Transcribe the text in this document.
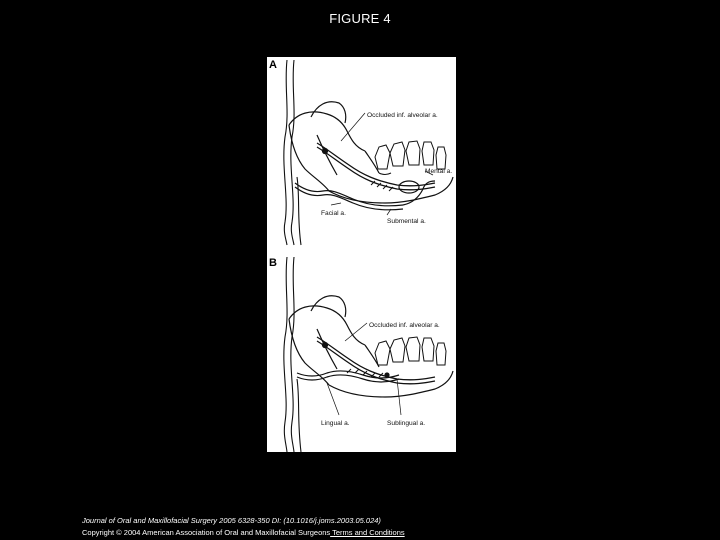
FIGURE 4
A
Occluded inf. alveolar a.
Mental a.
Facial a.
Submental a.
B
Occluded inf. alveolar a.
Lingual a.	Sublingual a.
Journal of Oral and Maxillofacial Surgery 2005 6328-350 DI: (10.1016/j.joms.2003.05.024)
Copyright © 2004 American Association of Oral and Maxillofacial Surgeons Terms and Conditions
